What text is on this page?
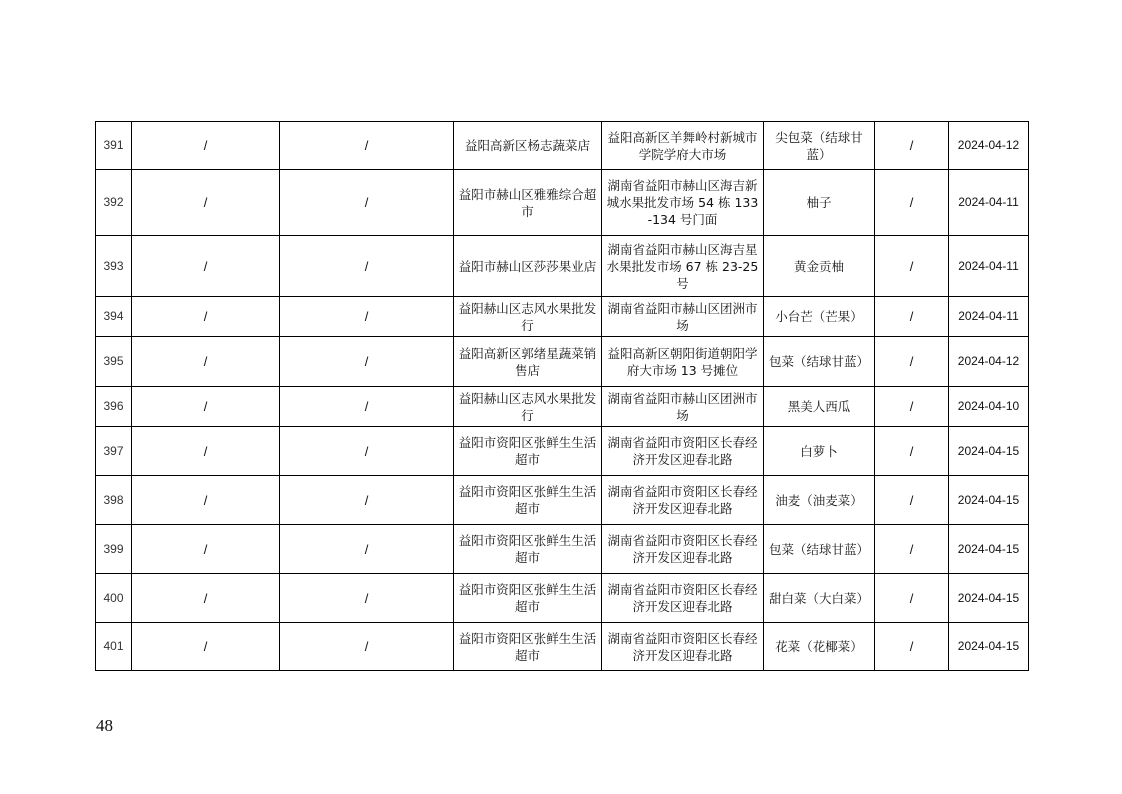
391	/	/	益阳高新区杨志蔬菜店	益阳高新区羊舞岭村新城市学院学府大市场	尖包菜（结球甘蓝）	/	2024-04-12
392	/	/	益阳市赫山区雅雅综合超市	湖南省益阳市赫山区海吉新城水果批发市场 54 栋 133-134 号门面	柚子	/	2024-04-11
393	/	/	益阳市赫山区莎莎果业店	湖南省益阳市赫山区海吉星水果批发市场 67 栋 23-25 号	黄金贡柚	/	2024-04-11
394	/	/	益阳赫山区志风水果批发行	湖南省益阳市赫山区团洲市场	小台芒（芒果）	/	2024-04-11
395	/	/	益阳高新区郭绪星蔬菜销售店	益阳高新区朝阳街道朝阳学府大市场 13 号摊位	包菜（结球甘蓝）	/	2024-04-12
396	/	/	益阳赫山区志风水果批发行	湖南省益阳市赫山区团洲市场	黑美人西瓜	/	2024-04-10
397	/	/	益阳市资阳区张鲜生生活超市	湖南省益阳市资阳区长春经济开发区迎春北路	白萝卜	/	2024-04-15
398	/	/	益阳市资阳区张鲜生生活超市	湖南省益阳市资阳区长春经济开发区迎春北路	油麦（油麦菜）	/	2024-04-15
399	/	/	益阳市资阳区张鲜生生活超市	湖南省益阳市资阳区长春经济开发区迎春北路	包菜（结球甘蓝）	/	2024-04-15
400	/	/	益阳市资阳区张鲜生生活超市	湖南省益阳市资阳区长春经济开发区迎春北路	甜白菜（大白菜）	/	2024-04-15
401	/	/	益阳市资阳区张鲜生生活超市	湖南省益阳市资阳区长春经济开发区迎春北路	花菜（花椰菜）	/	2024-04-15
48
